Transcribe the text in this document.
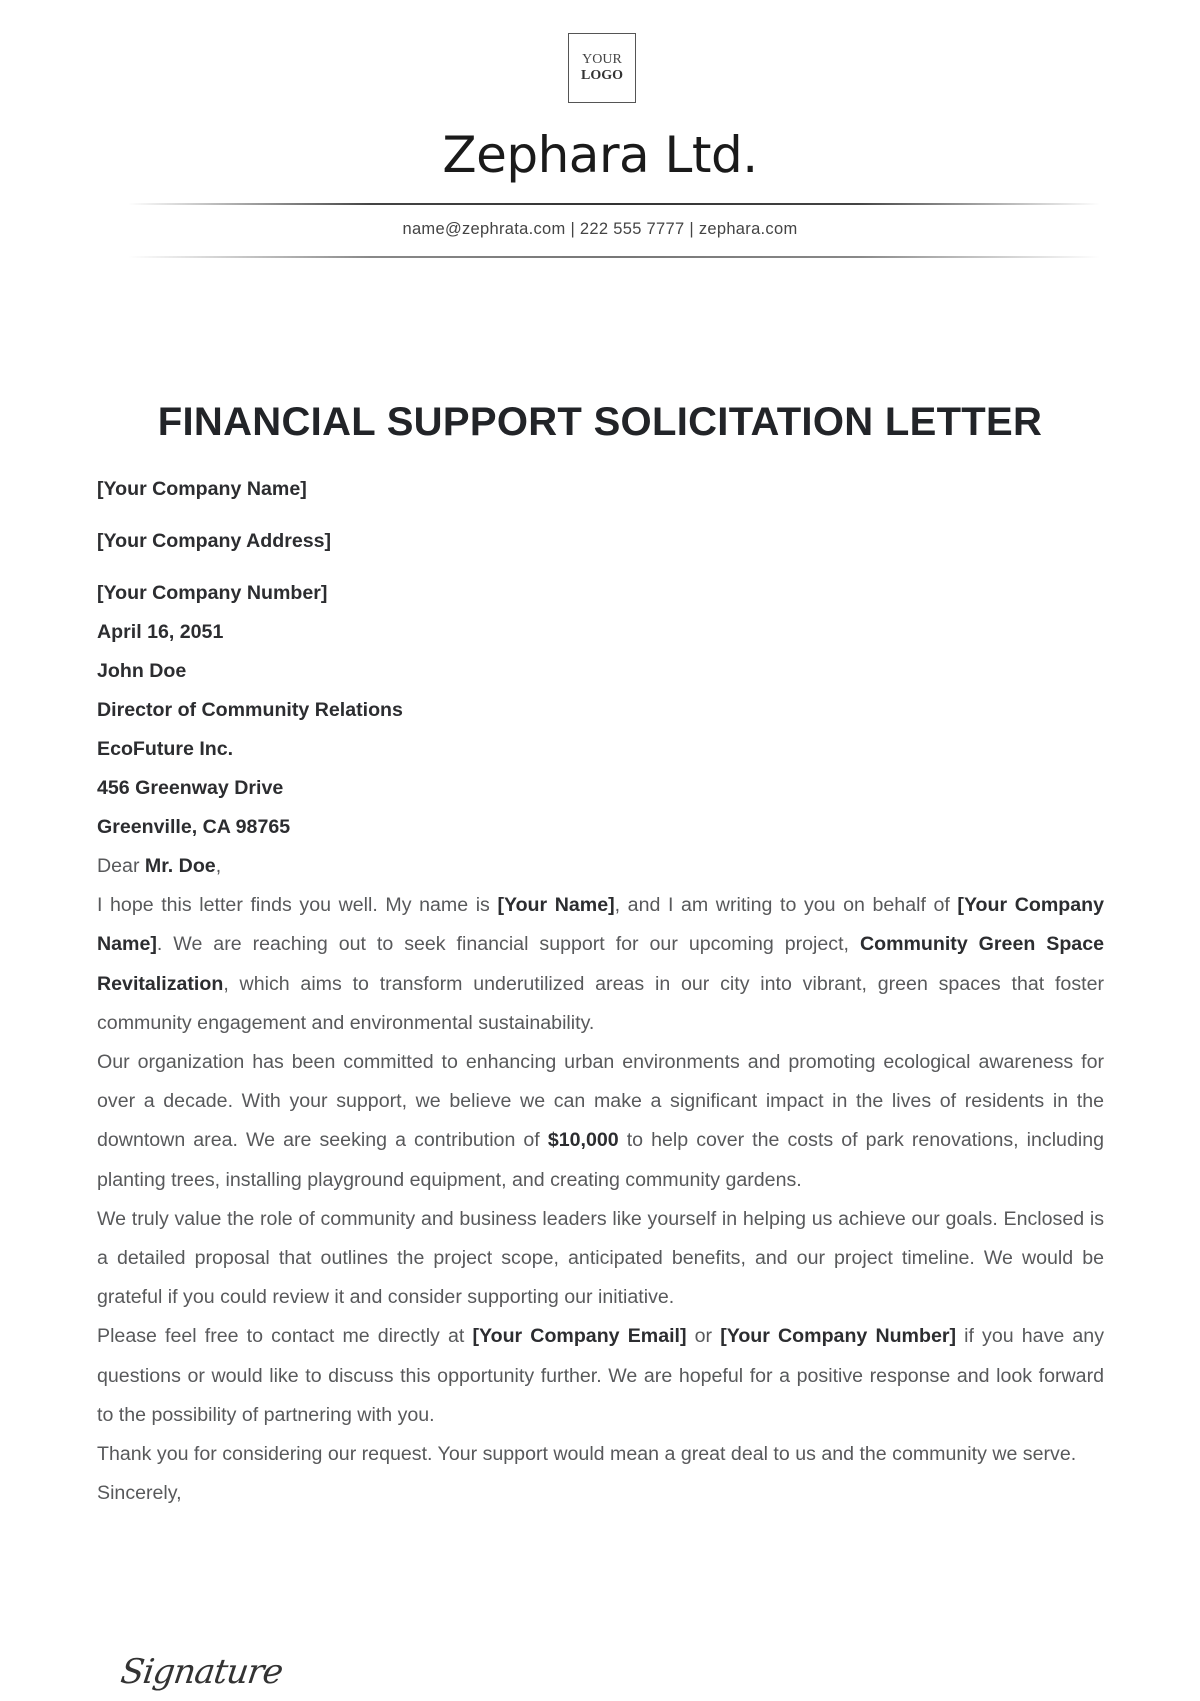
YOUR
LOGO
Zephara Ltd.
name@zephrata.com | 222 555 7777 | zephara.com
FINANCIAL SUPPORT SOLICITATION LETTER
[Your Company Name]
[Your Company Address]
[Your Company Number]
April 16, 2051
John Doe
Director of Community Relations
EcoFuture Inc.
456 Greenway Drive
Greenville, CA 98765
Dear Mr. Doe,
I hope this letter finds you well. My name is [Your Name], and I am writing to you on behalf of [Your Company Name]. We are reaching out to seek financial support for our upcoming project, Community Green Space Revitalization, which aims to transform underutilized areas in our city into vibrant, green spaces that foster community engagement and environmental sustainability.
Our organization has been committed to enhancing urban environments and promoting ecological awareness for over a decade. With your support, we believe we can make a significant impact in the lives of residents in the downtown area. We are seeking a contribution of $10,000 to help cover the costs of park renovations, including planting trees, installing playground equipment, and creating community gardens.
We truly value the role of community and business leaders like yourself in helping us achieve our goals. Enclosed is a detailed proposal that outlines the project scope, anticipated benefits, and our project timeline. We would be grateful if you could review it and consider supporting our initiative.
Please feel free to contact me directly at [Your Company Email] or [Your Company Number] if you have any questions or would like to discuss this opportunity further. We are hopeful for a positive response and look forward to the possibility of partnering with you.
Thank you for considering our request. Your support would mean a great deal to us and the community we serve.
Sincerely,
Signature
